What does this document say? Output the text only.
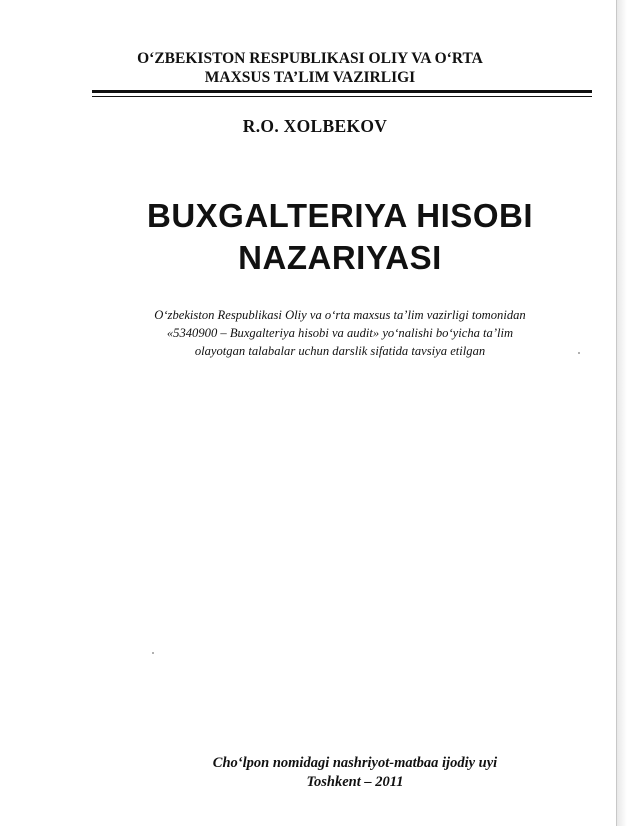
O‘ZBEKISTON RESPUBLIKASI OLIY VA O‘RTA
MAXSUS TA’LIM VAZIRLIGI
R.O. XOLBEKOV
BUXGALTERIYA HISOBI
NAZARIYASI
O‘zbekiston Respublikasi Oliy va o‘rta maxsus ta’lim vazirligi tomonidan
«5340900 – Buxgalteriya hisobi va audit» yo‘nalishi bo‘yicha ta’lim
olayotgan talabalar uchun darslik sifatida tavsiya etilgan
Cho‘lpon nomidagi nashriyot-matbaa ijodiy uyi
Toshkent – 2011
